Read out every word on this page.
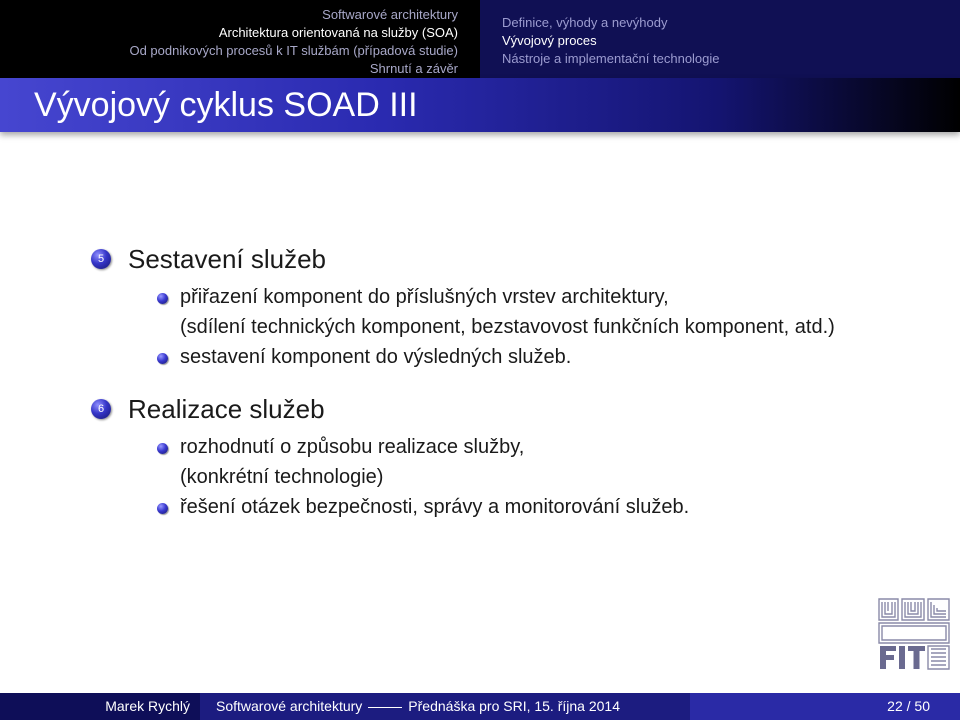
Softwarové architektury
Architektura orientovaná na služby (SOA)
Od podnikových procesů k IT službám (případová studie)
Shrnutí a závěr
Definice, výhody a nevýhody
Vývojový proces
Nástroje a implementační technologie
Vývojový cyklus SOAD III
5 Sestavení služeb
přiřazení komponent do příslušných vrstev architektury,
(sdílení technických komponent, bezstavovost funkčních komponent, atd.)
sestavení komponent do výsledných služeb.
6 Realizace služeb
rozhodnutí o způsobu realizace služby,
(konkrétní technologie)
řešení otázek bezpečnosti, správy a monitorování služeb.
Marek Rychlý	Softwarové architektury	Přednáška pro SRI, 15. října 2014	22 / 50
